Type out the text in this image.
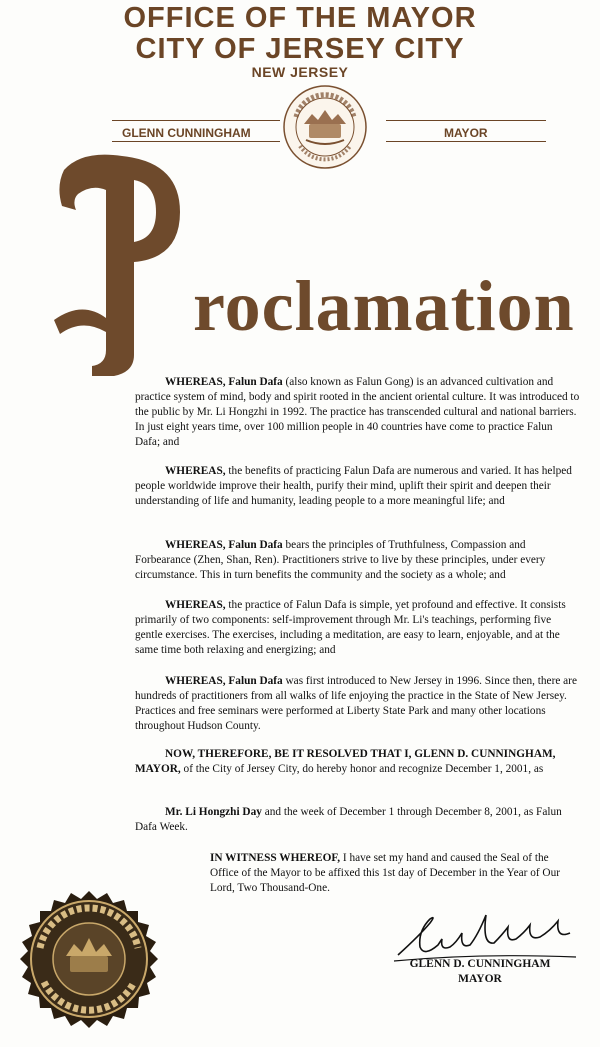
OFFICE OF THE MAYOR
CITY OF JERSEY CITY
NEW JERSEY
GLENN CUNNINGHAM	MAYOR
P roclamation

WHEREAS, Falun Dafa (also known as Falun Gong) is an advanced cultivation and practice system of mind, body and spirit rooted in the ancient oriental culture. It was introduced to the public by Mr. Li Hongzhi in 1992. The practice has transcended cultural and national barriers. In just eight years time, over 100 million people in 40 countries have come to practice Falun Dafa; and

WHEREAS, the benefits of practicing Falun Dafa are numerous and varied. It has helped people worldwide improve their health, purify their mind, uplift their spirit and deepen their understanding of life and humanity, leading people to a more meaningful life; and

WHEREAS, Falun Dafa bears the principles of Truthfulness, Compassion and Forbearance (Zhen, Shan, Ren). Practitioners strive to live by these principles, under every circumstance. This in turn benefits the community and the society as a whole; and

WHEREAS, the practice of Falun Dafa is simple, yet profound and effective. It consists primarily of two components: self-improvement through Mr. Li's teachings, performing five gentle exercises. The exercises, including a meditation, are easy to learn, enjoyable, and at the same time both relaxing and energizing; and

WHEREAS, Falun Dafa was first introduced to New Jersey in 1996. Since then, there are hundreds of practitioners from all walks of life enjoying the practice in the State of New Jersey. Practices and free seminars were performed at Liberty State Park and many other locations throughout Hudson County.

NOW, THEREFORE, BE IT RESOLVED THAT I, GLENN D. CUNNINGHAM, MAYOR, of the City of Jersey City, do hereby honor and recognize December 1, 2001, as

Mr. Li Hongzhi Day and the week of December 1 through December 8, 2001, as Falun Dafa Week.

IN WITNESS WHEREOF, I have set my hand and caused the Seal of the Office of the Mayor to be affixed this 1st day of December in the Year of Our Lord, Two Thousand-One.

Glenn D. Cunningham
GLENN D. CUNNINGHAM
MAYOR
OFFICE OF THE MAYOR · JERSEY CITY, N.J.
